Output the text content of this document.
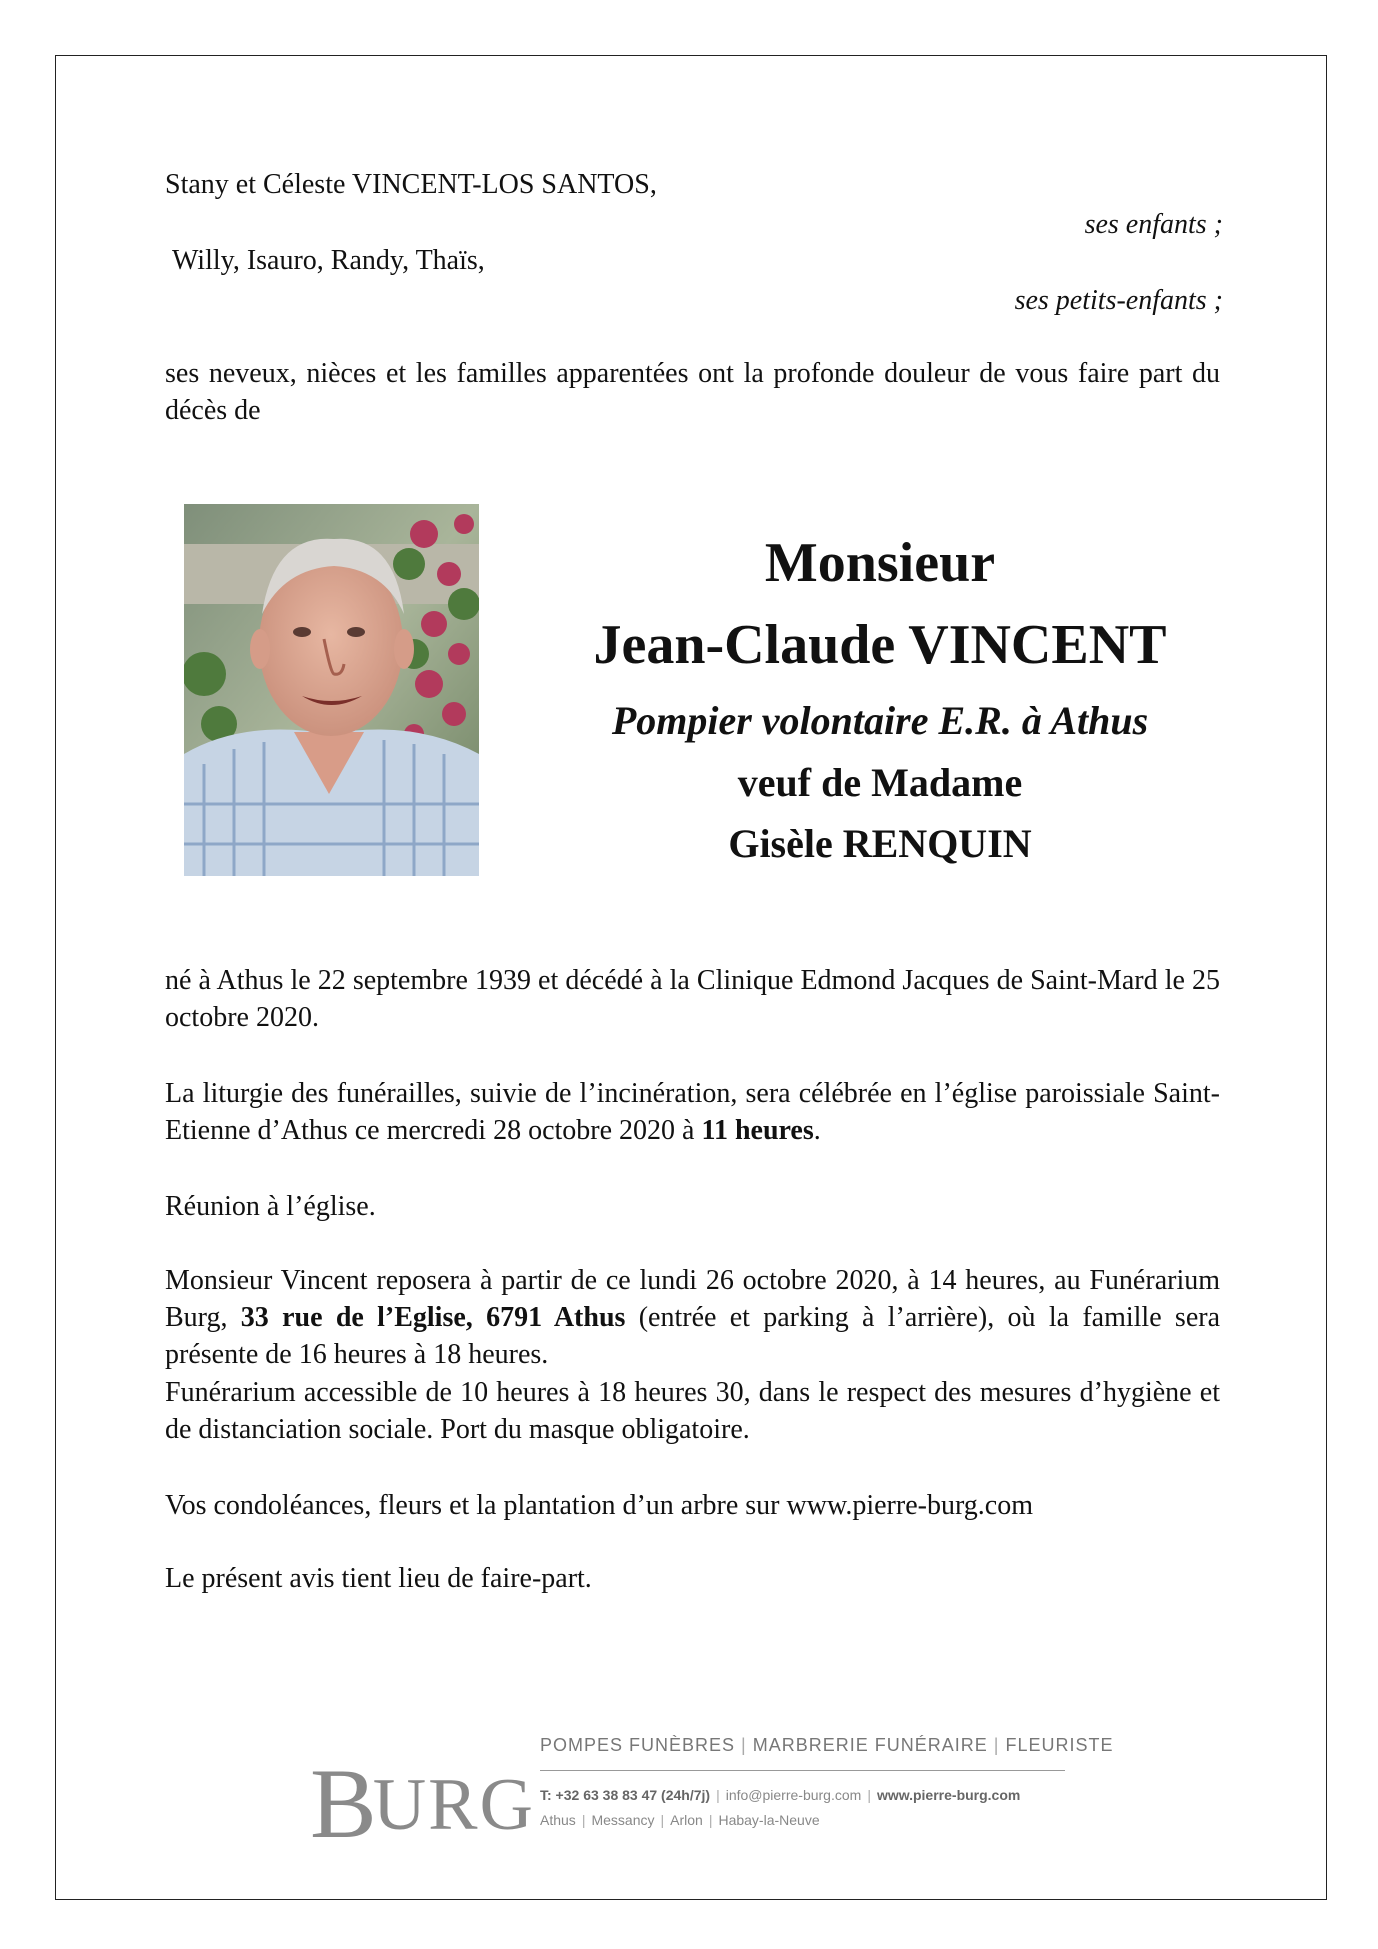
Stany et Céleste VINCENT-LOS SANTOS,
ses enfants ;
Willy, Isauro, Randy, Thaïs,
ses petits-enfants ;
ses neveux, nièces et les familles apparentées ont la profonde douleur de vous faire part du décès de
Monsieur
Jean-Claude VINCENT
Pompier volontaire E.R. à Athus
veuf de Madame
Gisèle RENQUIN
né à Athus le 22 septembre 1939 et décédé à la Clinique Edmond Jacques de Saint-Mard le 25 octobre 2020.
La liturgie des funérailles, suivie de l’incinération, sera célébrée en l’église paroissiale Saint-Etienne d’Athus ce mercredi 28 octobre 2020 à 11 heures.
Réunion à l’église.
Monsieur Vincent reposera à partir de ce lundi 26 octobre 2020, à 14 heures, au Funérarium Burg, 33 rue de l’Eglise, 6791 Athus (entrée et parking à l’arrière), où la famille sera présente de 16 heures à 18 heures.
Funérarium accessible de 10 heures à 18 heures 30, dans le respect des mesures d’hygiène et de distanciation sociale. Port du masque obligatoire.
Vos condoléances, fleurs et la plantation d’un arbre sur www.pierre-burg.com
Le présent avis tient lieu de faire-part.
BURG
POMPES FUNÈBRES | MARBRERIE FUNÉRAIRE | FLEURISTE
T: +32 63 38 83 47 (24h/7j) | info@pierre-burg.com | www.pierre-burg.com
Athus | Messancy | Arlon | Habay-la-Neuve
